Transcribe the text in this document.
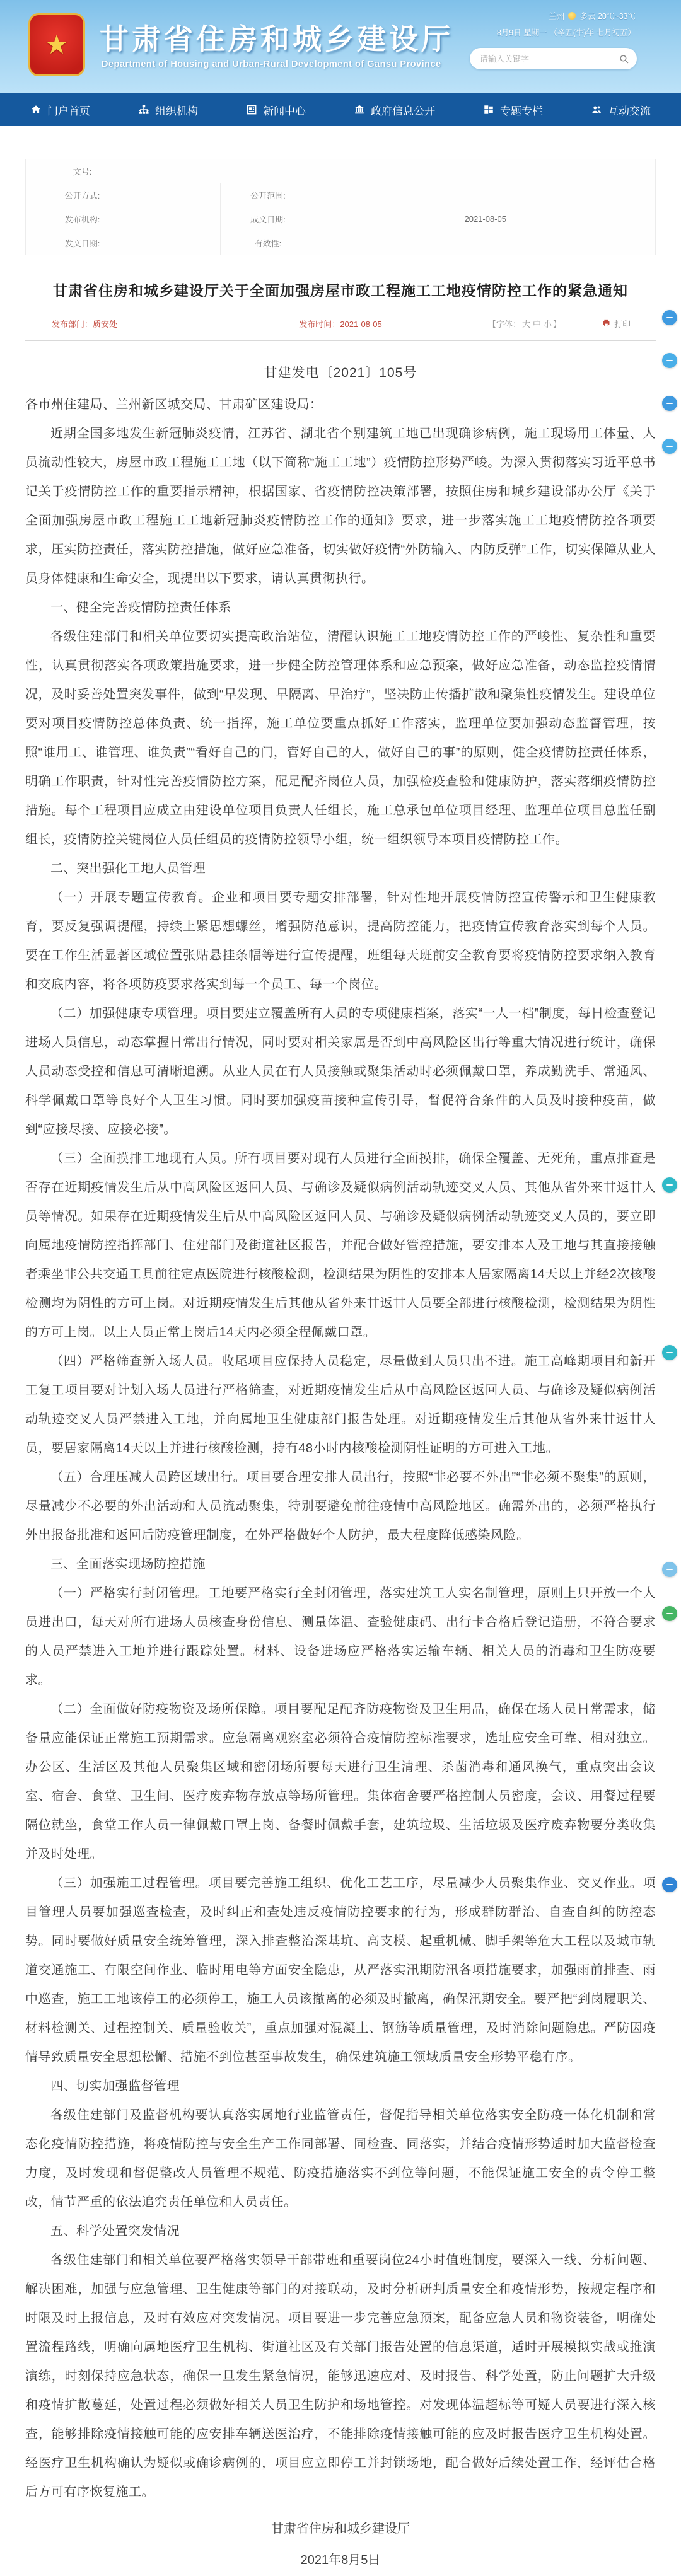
★ 甘肃省住房和城乡建设厅
Department of Housing and Urban-Rural Development of Gansu Province
兰州 多云 20℃~33℃
8月9日 星期一 （辛丑(牛)年 七月初五）
请输入关键字
门户首页	组织机构	新闻中心	政府信息公开	专题专栏	互动交流
文号:			
公开方式:		公开范围:	
发布机构:		成文日期:	2021-08-05
发文日期:		有效性:	
甘肃省住房和城乡建设厅关于全面加强房屋市政工程施工工地疫情防控工作的紧急通知
发布部门：质安处	发布时间：2021-08-05	【字体： 大 中 小 】	打印
甘建发电〔2021〕105号

各市州住建局、兰州新区城交局、甘肃矿区建设局：

近期全国多地发生新冠肺炎疫情，江苏省、湖北省个别建筑工地已出现确诊病例，施工现场用工体量、人员流动性较大，房屋市政工程施工工地（以下简称“施工工地”）疫情防控形势严峻。为深入贯彻落实习近平总书记关于疫情防控工作的重要指示精神，根据国家、省疫情防控决策部署，按照住房和城乡建设部办公厅《关于全面加强房屋市政工程施工工地新冠肺炎疫情防控工作的通知》要求，进一步落实施工工地疫情防控各项要求，压实防控责任，落实防控措施，做好应急准备，切实做好疫情“外防输入、内防反弹”工作，切实保障从业人员身体健康和生命安全，现提出以下要求，请认真贯彻执行。

一、健全完善疫情防控责任体系

各级住建部门和相关单位要切实提高政治站位，清醒认识施工工地疫情防控工作的严峻性、复杂性和重要性，认真贯彻落实各项政策措施要求，进一步健全防控管理体系和应急预案，做好应急准备，动态监控疫情情况，及时妥善处置突发事件，做到“早发现、早隔离、早治疗”，坚决防止传播扩散和聚集性疫情发生。建设单位要对项目疫情防控总体负责、统一指挥，施工单位要重点抓好工作落实，监理单位要加强动态监督管理，按照“谁用工、谁管理、谁负责”“看好自己的门，管好自己的人，做好自己的事”的原则，健全疫情防控责任体系，明确工作职责，针对性完善疫情防控方案，配足配齐岗位人员，加强检疫查验和健康防护，落实落细疫情防控措施。每个工程项目应成立由建设单位项目负责人任组长，施工总承包单位项目经理、监理单位项目总监任副组长，疫情防控关键岗位人员任组员的疫情防控领导小组，统一组织领导本项目疫情防控工作。

二、突出强化工地人员管理

（一）开展专题宣传教育。企业和项目要专题安排部署，针对性地开展疫情防控宣传警示和卫生健康教育，要反复强调提醒，持续上紧思想螺丝，增强防范意识，提高防控能力，把疫情宣传教育落实到每个人员。要在工作生活显著区域位置张贴悬挂条幅等进行宣传提醒，班组每天班前安全教育要将疫情防控要求纳入教育和交底内容，将各项防疫要求落实到每一个员工、每一个岗位。

（二）加强健康专项管理。项目要建立覆盖所有人员的专项健康档案，落实“一人一档”制度，每日检查登记进场人员信息，动态掌握日常出行情况，同时要对相关家属是否到中高风险区出行等重大情况进行统计，确保人员动态受控和信息可清晰追溯。从业人员在有人员接触或聚集活动时必须佩戴口罩，养成勤洗手、常通风、科学佩戴口罩等良好个人卫生习惯。同时要加强疫苗接种宣传引导，督促符合条件的人员及时接种疫苗，做到“应接尽接、应接必接”。

（三）全面摸排工地现有人员。所有项目要对现有人员进行全面摸排，确保全覆盖、无死角，重点排查是否存在近期疫情发生后从中高风险区返回人员、与确诊及疑似病例活动轨迹交叉人员、其他从省外来甘返甘人员等情况。如果存在近期疫情发生后从中高风险区返回人员、与确诊及疑似病例活动轨迹交叉人员的，要立即向属地疫情防控指挥部门、住建部门及街道社区报告，并配合做好管控措施，要安排本人及工地与其直接接触者乘坐非公共交通工具前往定点医院进行核酸检测，检测结果为阴性的安排本人居家隔离14天以上并经2次核酸检测均为阴性的方可上岗。对近期疫情发生后其他从省外来甘返甘人员要全部进行核酸检测，检测结果为阴性的方可上岗。以上人员正常上岗后14天内必须全程佩戴口罩。

（四）严格筛查新入场人员。收尾项目应保持人员稳定，尽量做到人员只出不进。施工高峰期项目和新开工复工项目要对计划入场人员进行严格筛查，对近期疫情发生后从中高风险区返回人员、与确诊及疑似病例活动轨迹交叉人员严禁进入工地，并向属地卫生健康部门报告处理。对近期疫情发生后其他从省外来甘返甘人员，要居家隔离14天以上并进行核酸检测，持有48小时内核酸检测阴性证明的方可进入工地。

（五）合理压减人员跨区域出行。项目要合理安排人员出行，按照“非必要不外出”“非必须不聚集”的原则，尽量减少不必要的外出活动和人员流动聚集，特别要避免前往疫情中高风险地区。确需外出的，必须严格执行外出报备批准和返回后防疫管理制度，在外严格做好个人防护，最大程度降低感染风险。

三、全面落实现场防控措施

（一）严格实行封闭管理。工地要严格实行全封闭管理，落实建筑工人实名制管理，原则上只开放一个人员进出口，每天对所有进场人员核查身份信息、测量体温、查验健康码、出行卡合格后登记造册，不符合要求的人员严禁进入工地并进行跟踪处置。材料、设备进场应严格落实运输车辆、相关人员的消毒和卫生防疫要求。

（二）全面做好防疫物资及场所保障。项目要配足配齐防疫物资及卫生用品，确保在场人员日常需求，储备量应能保证正常施工预期需求。应急隔离观察室必须符合疫情防控标准要求，选址应安全可靠、相对独立。办公区、生活区及其他人员聚集区域和密闭场所要每天进行卫生清理、杀菌消毒和通风换气，重点突出会议室、宿舍、食堂、卫生间、医疗废弃物存放点等场所管理。集体宿舍要严格控制人员密度，会议、用餐过程要隔位就坐，食堂工作人员一律佩戴口罩上岗、备餐时佩戴手套，建筑垃圾、生活垃圾及医疗废弃物要分类收集并及时处理。

（三）加强施工过程管理。项目要完善施工组织、优化工艺工序，尽量减少人员聚集作业、交叉作业。项目管理人员要加强巡查检查，及时纠正和查处违反疫情防控要求的行为，形成群防群治、自查自纠的防控态势。同时要做好质量安全统筹管理，深入排查整治深基坑、高支模、起重机械、脚手架等危大工程以及城市轨道交通施工、有限空间作业、临时用电等方面安全隐患，从严落实汛期防汛各项措施要求，加强雨前排查、雨中巡查，施工工地该停工的必须停工，施工人员该撤离的必须及时撤离，确保汛期安全。要严把“到岗履职关、材料检测关、过程控制关、质量验收关”，重点加强对混凝土、钢筋等质量管理，及时消除问题隐患。严防因疫情导致质量安全思想松懈、措施不到位甚至事故发生，确保建筑施工领域质量安全形势平稳有序。

四、切实加强监督管理

各级住建部门及监督机构要认真落实属地行业监管责任，督促指导相关单位落实安全防疫一体化机制和常态化疫情防控措施，将疫情防控与安全生产工作同部署、同检查、同落实，并结合疫情形势适时加大监督检查力度，及时发现和督促整改人员管理不规范、防疫措施落实不到位等问题，不能保证施工安全的责令停工整改，情节严重的依法追究责任单位和人员责任。

五、科学处置突发情况

各级住建部门和相关单位要严格落实领导干部带班和重要岗位24小时值班制度，要深入一线、分析问题、解决困难，加强与应急管理、卫生健康等部门的对接联动，及时分析研判质量安全和疫情形势，按规定程序和时限及时上报信息，及时有效应对突发情况。项目要进一步完善应急预案，配备应急人员和物资装备，明确处置流程路线，明确向属地医疗卫生机构、街道社区及有关部门报告处置的信息渠道，适时开展模拟实战或推演演练，时刻保持应急状态，确保一旦发生紧急情况，能够迅速应对、及时报告、科学处置，防止问题扩大升级和疫情扩散蔓延，处置过程必须做好相关人员卫生防护和场地管控。对发现体温超标等可疑人员要进行深入核查，能够排除疫情接触可能的应安排车辆送医治疗，不能排除疫情接触可能的应及时报告医疗卫生机构处置。经医疗卫生机构确认为疑似或确诊病例的，项目应立即停工并封锁场地，配合做好后续处置工作，经评估合格后方可有序恢复施工。

甘肃省住房和城乡建设厅
2021年8月5日
